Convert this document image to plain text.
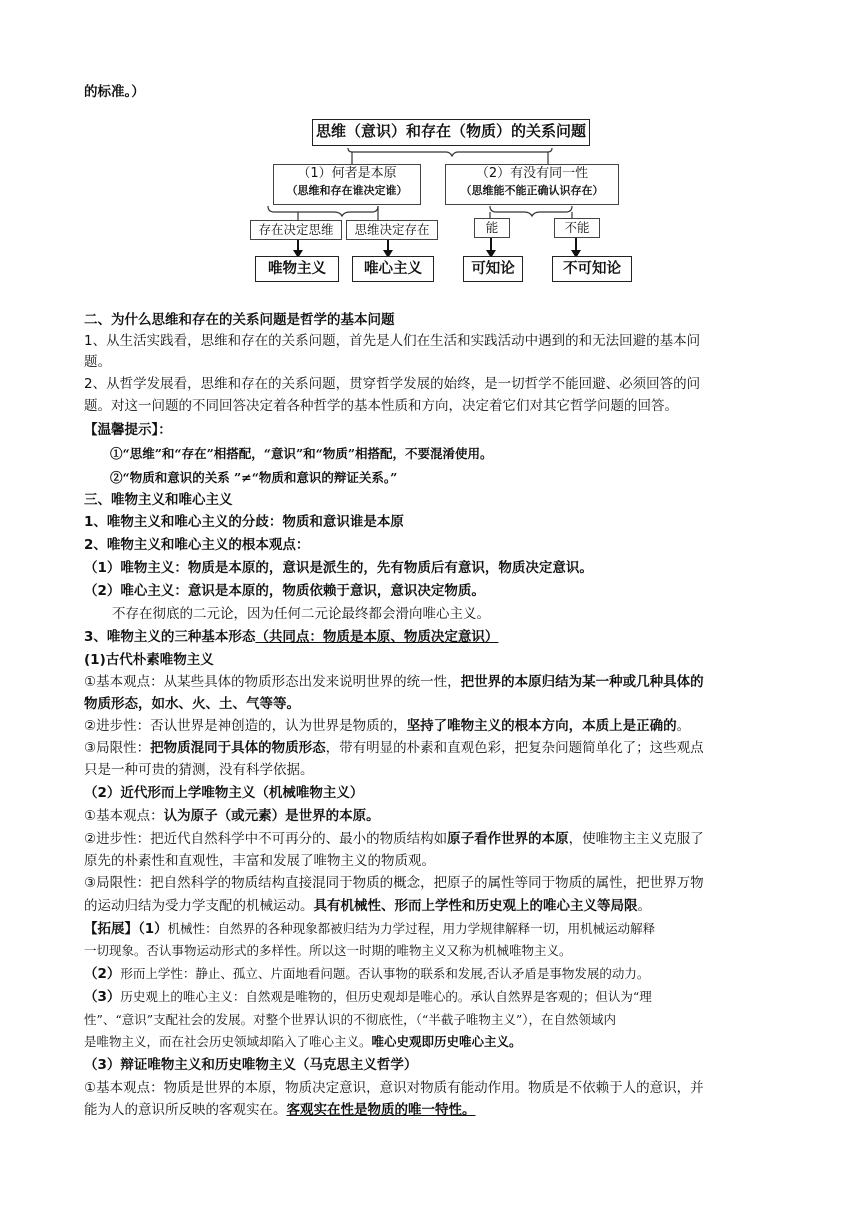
的标准。）
思维（意识）和存在（物质）的关系问题
（1）何者是本原
（思维和存在谁决定谁）
（2）有没有同一性
（思维能不能正确认识存在）
存在决定思维	思维决定存在	能	不能
唯物主义	唯心主义	可知论	不可知论
二、为什么思维和存在的关系问题是哲学的基本问题
1、从生活实践看，思维和存在的关系问题，首先是人们在生活和实践活动中遇到的和无法回避的基本问
题。
2、从哲学发展看，思维和存在的关系问题，贯穿哲学发展的始终，是一切哲学不能回避、必须回答的问
题。对这一问题的不同回答决定着各种哲学的基本性质和方向，决定着它们对其它哲学问题的回答。
【温馨提示】：
①“思维”和“存在”相搭配，“意识”和“物质”相搭配，不要混淆使用。
②“物质和意识的关系 ”≠“物质和意识的辩证关系。”
三、唯物主义和唯心主义
1、唯物主义和唯心主义的分歧：物质和意识谁是本原
2、唯物主义和唯心主义的根本观点：
（1）唯物主义：物质是本原的，意识是派生的，先有物质后有意识，物质决定意识。
（2）唯心主义：意识是本原的，物质依赖于意识，意识决定物质。
不存在彻底的二元论，因为任何二元论最终都会滑向唯心主义。
3、唯物主义的三种基本形态（共同点：物质是本原、物质决定意识）
(1)古代朴素唯物主义
①基本观点：从某些具体的物质形态出发来说明世界的统一性，把世界的本原归结为某一种或几种具体的
物质形态，如水、火、土、气等等。
②进步性：否认世界是神创造的，认为世界是物质的，坚持了唯物主义的根本方向，本质上是正确的。
③局限性：把物质混同于具体的物质形态，带有明显的朴素和直观色彩，把复杂问题简单化了；这些观点
只是一种可贵的猜测，没有科学依据。
（2）近代形而上学唯物主义（机械唯物主义）
①基本观点：认为原子（或元素）是世界的本原。
②进步性：把近代自然科学中不可再分的、最小的物质结构如原子看作世界的本原，使唯物主主义克服了
原先的朴素性和直观性，丰富和发展了唯物主义的物质观。
③局限性：把自然科学的物质结构直接混同于物质的概念，把原子的属性等同于物质的属性，把世界万物
的运动归结为受力学支配的机械运动。具有机械性、形而上学性和历史观上的唯心主义等局限。
【拓展】（1）机械性：自然界的各种现象都被归结为力学过程，用力学规律解释一切，用机械运动解释
一切现象。否认事物运动形式的多样性。所以这一时期的唯物主义又称为机械唯物主义。
（2）形而上学性：静止、孤立、片面地看问题。否认事物的联系和发展,否认矛盾是事物发展的动力。
（3）历史观上的唯心主义：自然观是唯物的，但历史观却是唯心的。承认自然界是客观的；但认为“理
性”、“意识”支配社会的发展。对整个世界认识的不彻底性，（“半截子唯物主义”），在自然领域内
是唯物主义，而在社会历史领域却陷入了唯心主义。唯心史观即历史唯心主义。
（3）辩证唯物主义和历史唯物主义（马克思主义哲学）
①基本观点：物质是世界的本原，物质决定意识，意识对物质有能动作用。物质是不依赖于人的意识，并
能为人的意识所反映的客观实在。客观实在性是物质的唯一特性。
